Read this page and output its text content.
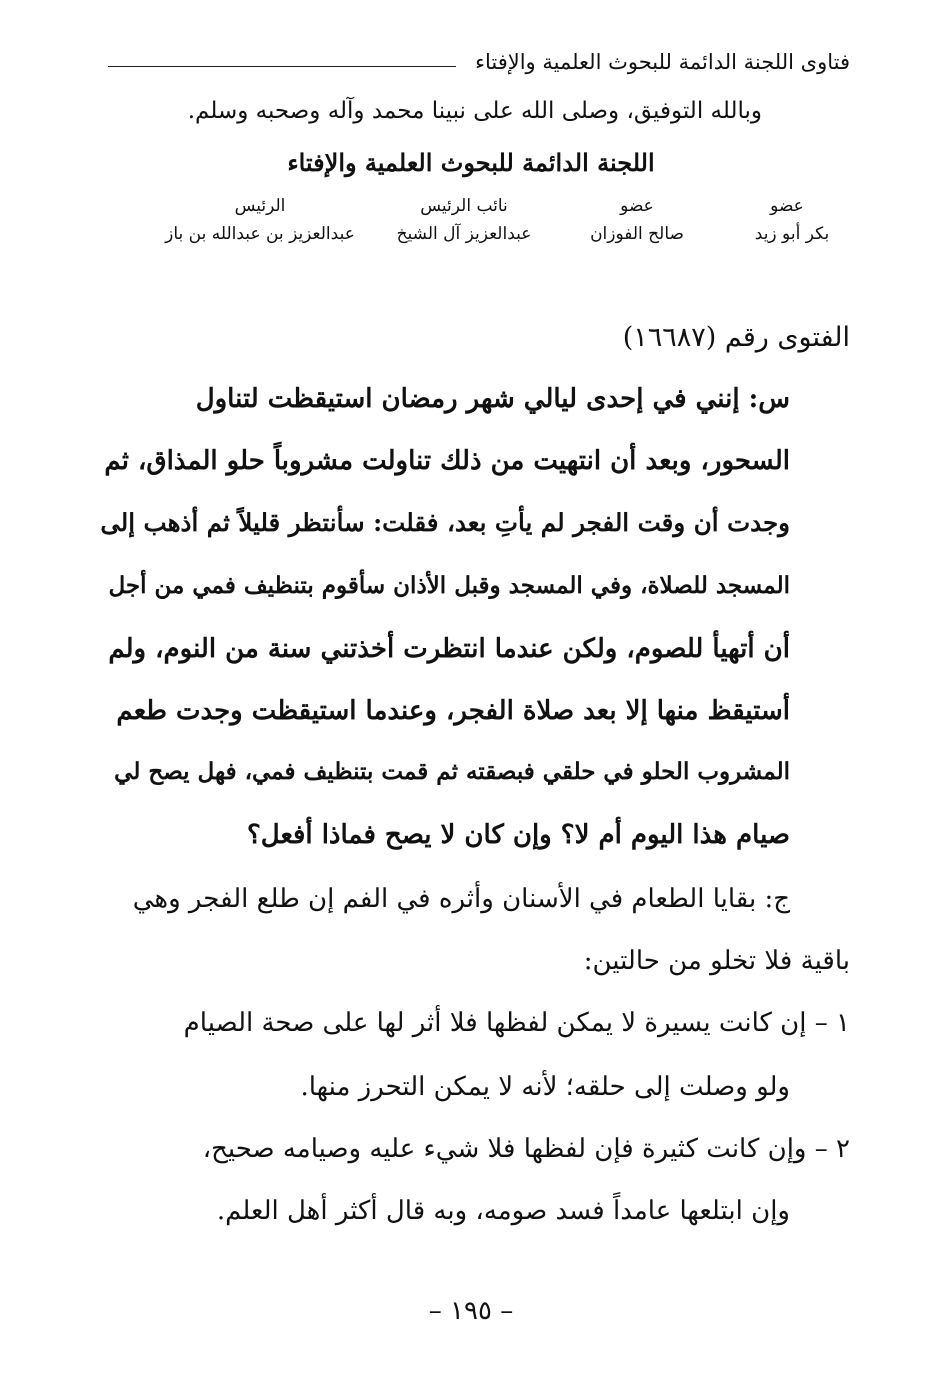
فتاوى اللجنة الدائمة للبحوث العلمية والإفتاء
وبالله التوفيق، وصلى الله على نبينا محمد وآله وصحبه وسلم.
اللجنة الدائمة للبحوث العلمية والإفتاء
عضو
بكر أبو زيد
عضو
صالح الفوزان
نائب الرئيس
عبدالعزيز آل الشيخ
الرئيس
عبدالعزيز بن عبدالله بن باز
الفتوى رقم (١٦٦٨٧)
س: إنني في إحدى ليالي شهر رمضان استيقظت لتناول
السحور، وبعد أن انتهيت من ذلك تناولت مشروباً حلو المذاق، ثم
وجدت أن وقت الفجر لم يأتِ بعد، فقلت: سأنتظر قليلاً ثم أذهب إلى
المسجد للصلاة، وفي المسجد وقبل الأذان سأقوم بتنظيف فمي من أجل
أن أتهيأ للصوم، ولكن عندما انتظرت أخذتني سنة من النوم، ولم
أستيقظ منها إلا بعد صلاة الفجر، وعندما استيقظت وجدت طعم
المشروب الحلو في حلقي فبصقته ثم قمت بتنظيف فمي، فهل يصح لي
صيام هذا اليوم أم لا؟ وإن كان لا يصح فماذا أفعل؟
ج: بقايا الطعام في الأسنان وأثره في الفم إن طلع الفجر وهي
باقية فلا تخلو من حالتين:
١ – إن كانت يسيرة لا يمكن لفظها فلا أثر لها على صحة الصيام
ولو وصلت إلى حلقه؛ لأنه لا يمكن التحرز منها.
٢ – وإن كانت كثيرة فإن لفظها فلا شيء عليه وصيامه صحيح،
وإن ابتلعها عامداً فسد صومه، وبه قال أكثر أهل العلم.
– ١٩٥ –
